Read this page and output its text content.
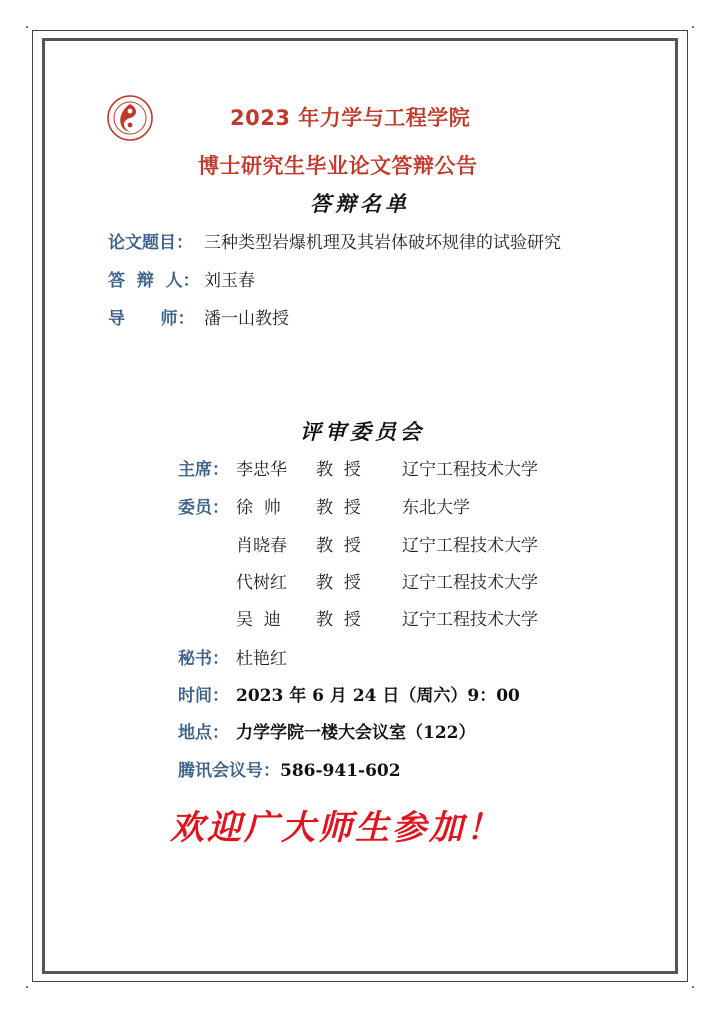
2023 年力学与工程学院
博士研究生毕业论文答辩公告
答辩名单
论文题目： 三种类型岩爆机理及其岩体破坏规律的试验研究
答  辩  人： 刘玉春
导      师： 潘一山教授
评审委员会
主席： 李忠华 教  授 辽宁工程技术大学
委员： 徐  帅 教  授 东北大学
肖晓春 教  授 辽宁工程技术大学
代树红 教  授 辽宁工程技术大学
吴  迪 教  授 辽宁工程技术大学
秘书： 杜艳红
时间： 2023 年 6 月 24 日（周六）9：00
地点： 力学学院一楼大会议室（122）
腾讯会议号：586-941-602
欢迎广大师生参加！
